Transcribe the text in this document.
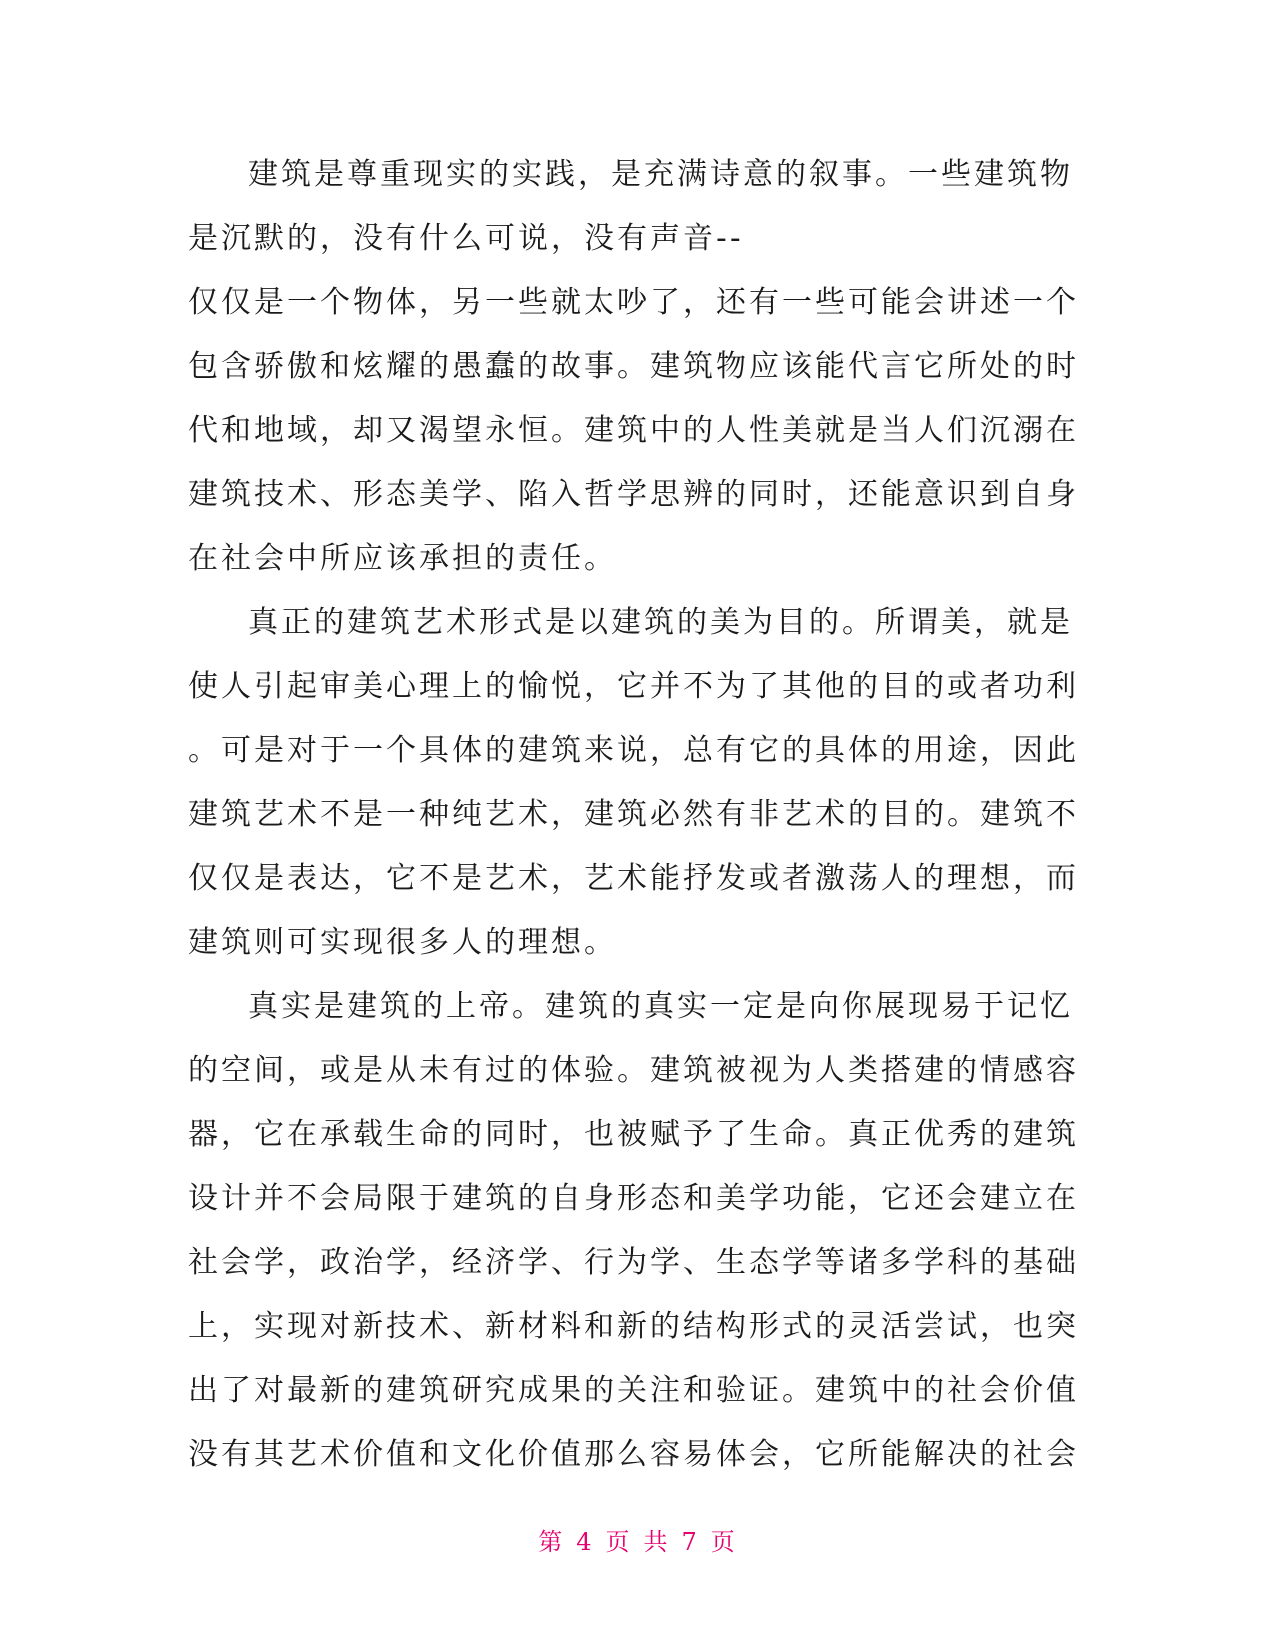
建筑是尊重现实的实践，是充满诗意的叙事。一些建筑物
是沉默的，没有什么可说，没有声音--
仅仅是一个物体，另一些就太吵了，还有一些可能会讲述一个
包含骄傲和炫耀的愚蠢的故事。建筑物应该能代言它所处的时
代和地域，却又渴望永恒。建筑中的人性美就是当人们沉溺在
建筑技术、形态美学、陷入哲学思辨的同时，还能意识到自身
在社会中所应该承担的责任。
真正的建筑艺术形式是以建筑的美为目的。所谓美，就是
使人引起审美心理上的愉悦，它并不为了其他的目的或者功利
。可是对于一个具体的建筑来说，总有它的具体的用途，因此
建筑艺术不是一种纯艺术，建筑必然有非艺术的目的。建筑不
仅仅是表达，它不是艺术，艺术能抒发或者激荡人的理想，而
建筑则可实现很多人的理想。
真实是建筑的上帝。建筑的真实一定是向你展现易于记忆
的空间，或是从未有过的体验。建筑被视为人类搭建的情感容
器，它在承载生命的同时，也被赋予了生命。真正优秀的建筑
设计并不会局限于建筑的自身形态和美学功能，它还会建立在
社会学，政治学，经济学、行为学、生态学等诸多学科的基础
上，实现对新技术、新材料和新的结构形式的灵活尝试，也突
出了对最新的建筑研究成果的关注和验证。建筑中的社会价值
没有其艺术价值和文化价值那么容易体会，它所能解决的社会
第 4 页 共 7 页
